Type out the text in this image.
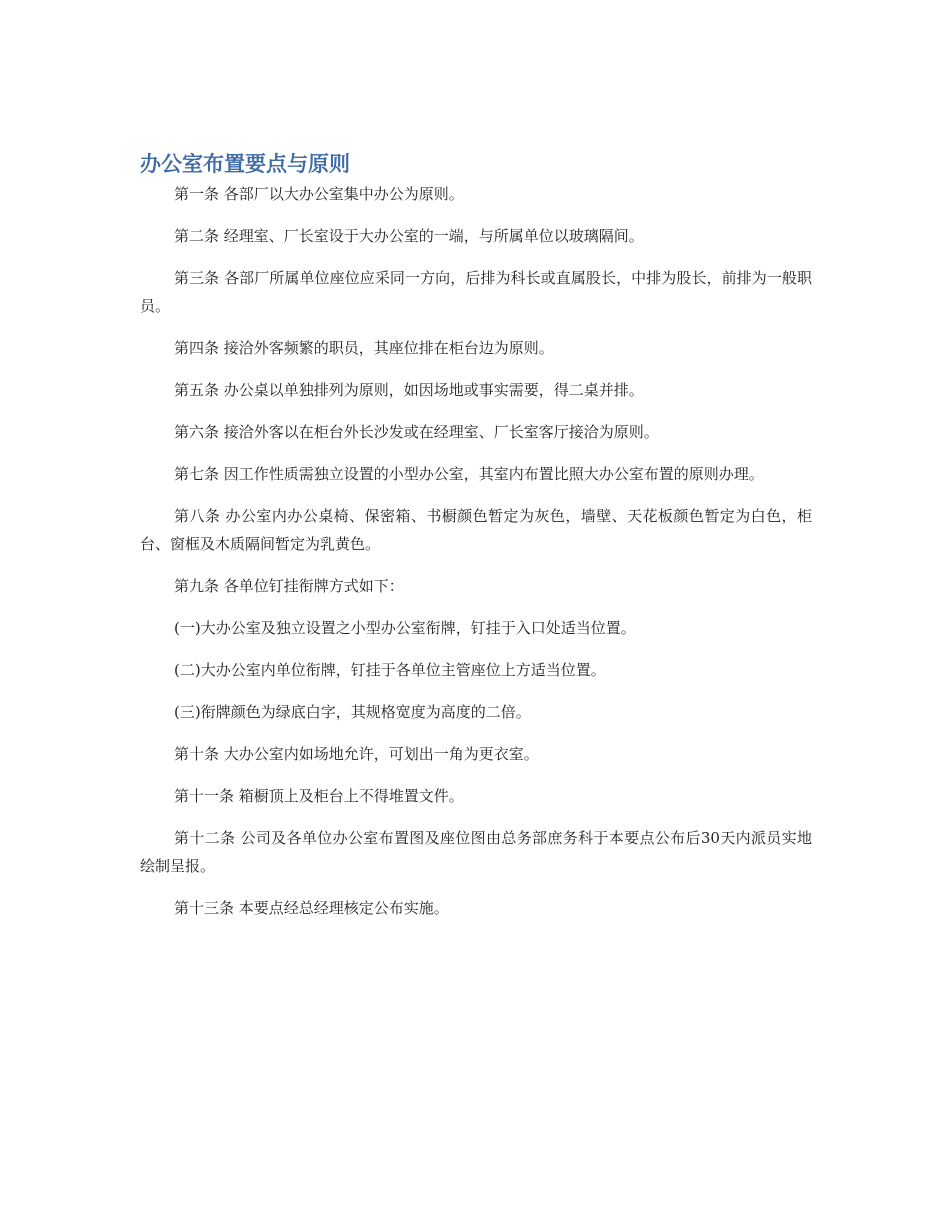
办公室布置要点与原则

第一条 各部厂以大办公室集中办公为原则。

第二条 经理室、厂长室设于大办公室的一端，与所属单位以玻璃隔间。

第三条 各部厂所属单位座位应采同一方向，后排为科长或直属股长，中排为股长，前排为一般职员。

第四条 接洽外客频繁的职员，其座位排在柜台边为原则。

第五条 办公桌以单独排列为原则，如因场地或事实需要，得二桌并排。

第六条 接洽外客以在柜台外长沙发或在经理室、厂长室客厅接洽为原则。

第七条 因工作性质需独立设置的小型办公室，其室内布置比照大办公室布置的原则办理。

第八条 办公室内办公桌椅、保密箱、书橱颜色暂定为灰色，墙壁、天花板颜色暂定为白色，柜台、窗框及木质隔间暂定为乳黄色。

第九条 各单位钉挂衔牌方式如下：

(一)大办公室及独立设置之小型办公室衔牌，钉挂于入口处适当位置。

(二)大办公室内单位衔牌，钉挂于各单位主管座位上方适当位置。

(三)衔牌颜色为绿底白字，其规格宽度为高度的二倍。

第十条 大办公室内如场地允许，可划出一角为更衣室。

第十一条 箱橱顶上及柜台上不得堆置文件。

第十二条 公司及各单位办公室布置图及座位图由总务部庶务科于本要点公布后30天内派员实地绘制呈报。

第十三条 本要点经总经理核定公布实施。
